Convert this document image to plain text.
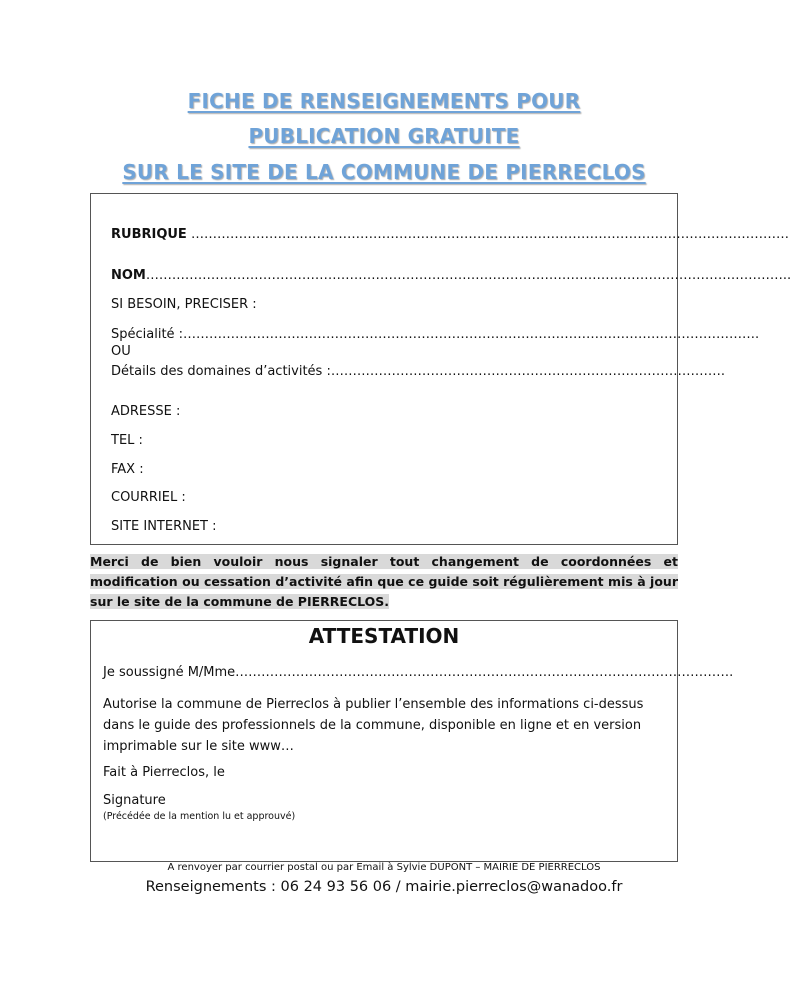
FICHE DE RENSEIGNEMENTS POUR
PUBLICATION GRATUITE
SUR LE SITE DE LA COMMUNE DE PIERRECLOS
RUBRIQUE …………………………………………………………………………………………………………………………
NOM…………………………………………………………………………………………………………………………………..
SI BESOIN, PRECISER :
Spécialité :…………………………………………………………………………………………………………………….
OU
Détails des domaines d’activités :……………………………………………………………………………….
ADRESSE :
TEL :
FAX :
COURRIEL :
SITE INTERNET :

Merci de bien vouloir nous signaler tout changement de coordonnées et modification ou cessation d’activité afin que ce guide soit régulièrement mis à jour sur le site de la commune de PIERRECLOS.

ATTESTATION
Je soussigné M/Mme…………………………………………………………………………………………………….

Autorise la commune de Pierreclos à publier l’ensemble des informations ci-dessus dans le guide des professionnels de la commune, disponible en ligne et en version imprimable sur le site www…

Fait à Pierreclos, le

Signature

(Précédée de la mention lu et approuvé)

A renvoyer par courrier postal ou par Email à Sylvie DUPONT – MAIRIE DE PIERRECLOS

Renseignements : 06 24 93 56 06 / mairie.pierreclos@wanadoo.fr
